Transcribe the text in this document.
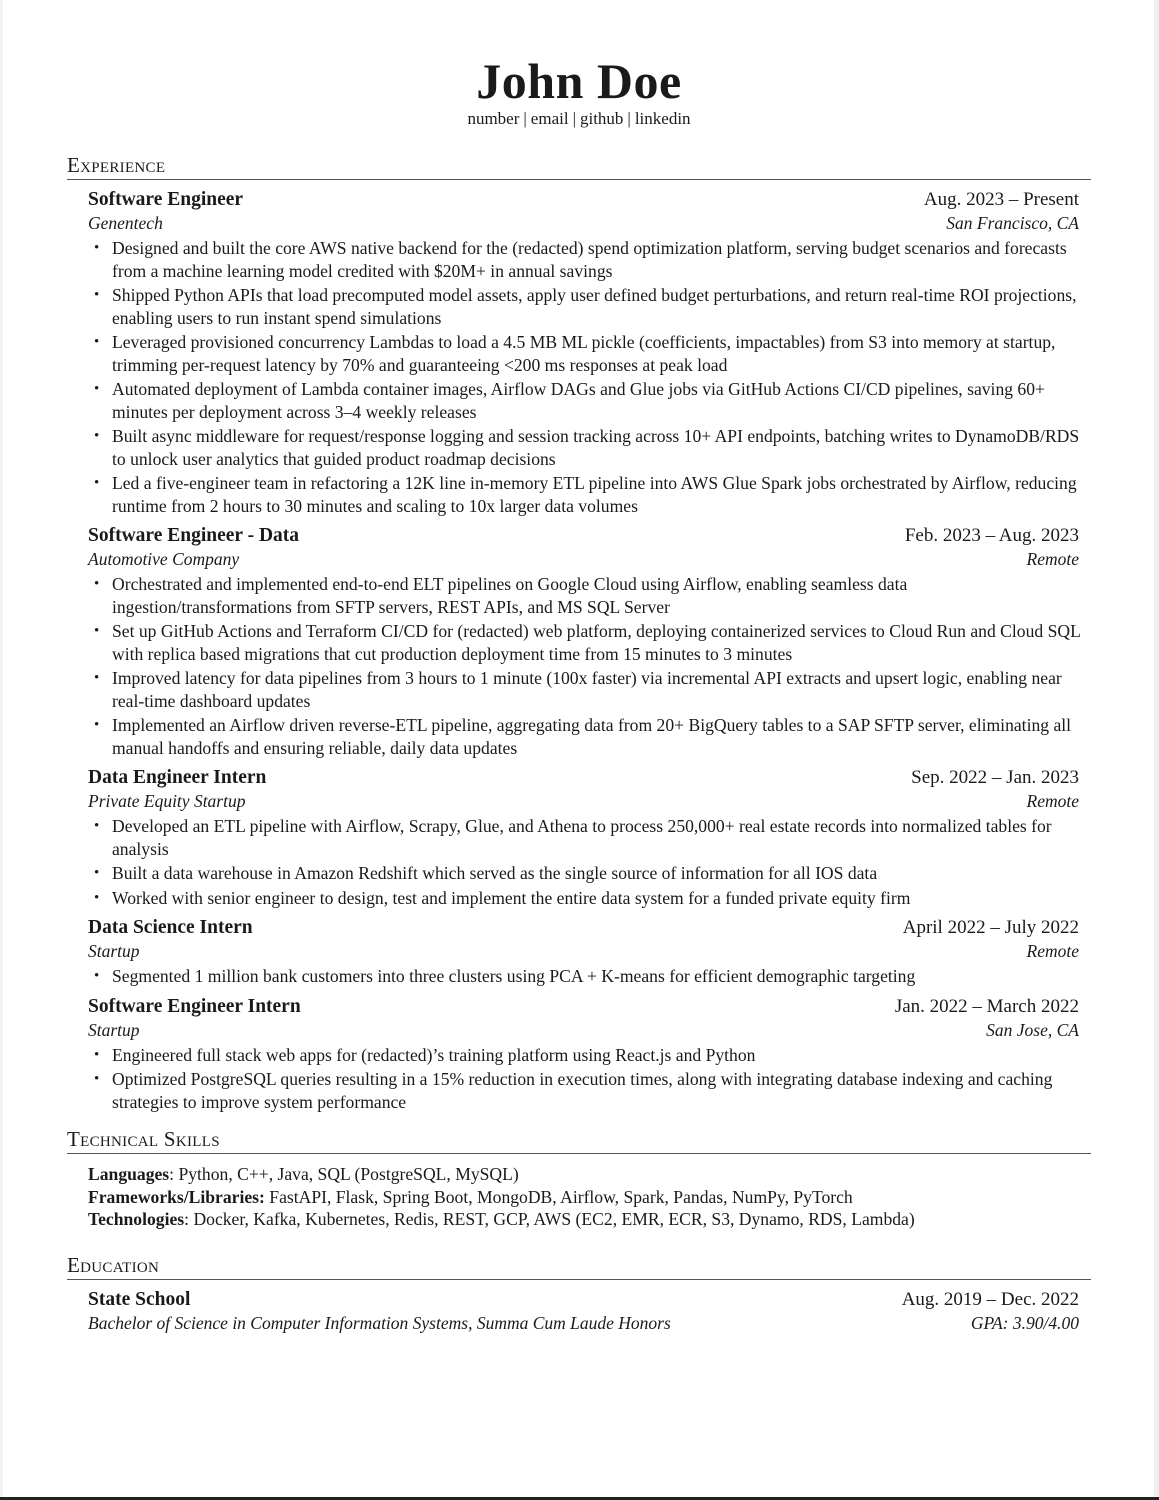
John Doe
number | email | github | linkedin
Experience
Software Engineer	Aug. 2023 – Present
Genentech	San Francisco, CA
• Designed and built the core AWS native backend for the (redacted) spend optimization platform, serving budget scenarios and forecasts from a machine learning model credited with $20M+ in annual savings
• Shipped Python APIs that load precomputed model assets, apply user defined budget perturbations, and return real-time ROI projections, enabling users to run instant spend simulations
• Leveraged provisioned concurrency Lambdas to load a 4.5 MB ML pickle (coefficients, impactables) from S3 into memory at startup, trimming per-request latency by 70% and guaranteeing <200 ms responses at peak load
• Automated deployment of Lambda container images, Airflow DAGs and Glue jobs via GitHub Actions CI/CD pipelines, saving 60+ minutes per deployment across 3–4 weekly releases
• Built async middleware for request/response logging and session tracking across 10+ API endpoints, batching writes to DynamoDB/RDS to unlock user analytics that guided product roadmap decisions
• Led a five-engineer team in refactoring a 12K line in-memory ETL pipeline into AWS Glue Spark jobs orchestrated by Airflow, reducing runtime from 2 hours to 30 minutes and scaling to 10x larger data volumes
Software Engineer - Data	Feb. 2023 – Aug. 2023
Automotive Company	Remote
• Orchestrated and implemented end-to-end ELT pipelines on Google Cloud using Airflow, enabling seamless data ingestion/transformations from SFTP servers, REST APIs, and MS SQL Server
• Set up GitHub Actions and Terraform CI/CD for (redacted) web platform, deploying containerized services to Cloud Run and Cloud SQL with replica based migrations that cut production deployment time from 15 minutes to 3 minutes
• Improved latency for data pipelines from 3 hours to 1 minute (100x faster) via incremental API extracts and upsert logic, enabling near real-time dashboard updates
• Implemented an Airflow driven reverse-ETL pipeline, aggregating data from 20+ BigQuery tables to a SAP SFTP server, eliminating all manual handoffs and ensuring reliable, daily data updates
Data Engineer Intern	Sep. 2022 – Jan. 2023
Private Equity Startup	Remote
• Developed an ETL pipeline with Airflow, Scrapy, Glue, and Athena to process 250,000+ real estate records into normalized tables for analysis
• Built a data warehouse in Amazon Redshift which served as the single source of information for all IOS data
• Worked with senior engineer to design, test and implement the entire data system for a funded private equity firm
Data Science Intern	April 2022 – July 2022
Startup	Remote
• Segmented 1 million bank customers into three clusters using PCA + K-means for efficient demographic targeting
Software Engineer Intern	Jan. 2022 – March 2022
Startup	San Jose, CA
• Engineered full stack web apps for (redacted)’s training platform using React.js and Python
• Optimized PostgreSQL queries resulting in a 15% reduction in execution times, along with integrating database indexing and caching strategies to improve system performance
Technical Skills
Languages: Python, C++, Java, SQL (PostgreSQL, MySQL)
Frameworks/Libraries: FastAPI, Flask, Spring Boot, MongoDB, Airflow, Spark, Pandas, NumPy, PyTorch
Technologies: Docker, Kafka, Kubernetes, Redis, REST, GCP, AWS (EC2, EMR, ECR, S3, Dynamo, RDS, Lambda)
Education
State School	Aug. 2019 – Dec. 2022
Bachelor of Science in Computer Information Systems, Summa Cum Laude Honors	GPA: 3.90/4.00
